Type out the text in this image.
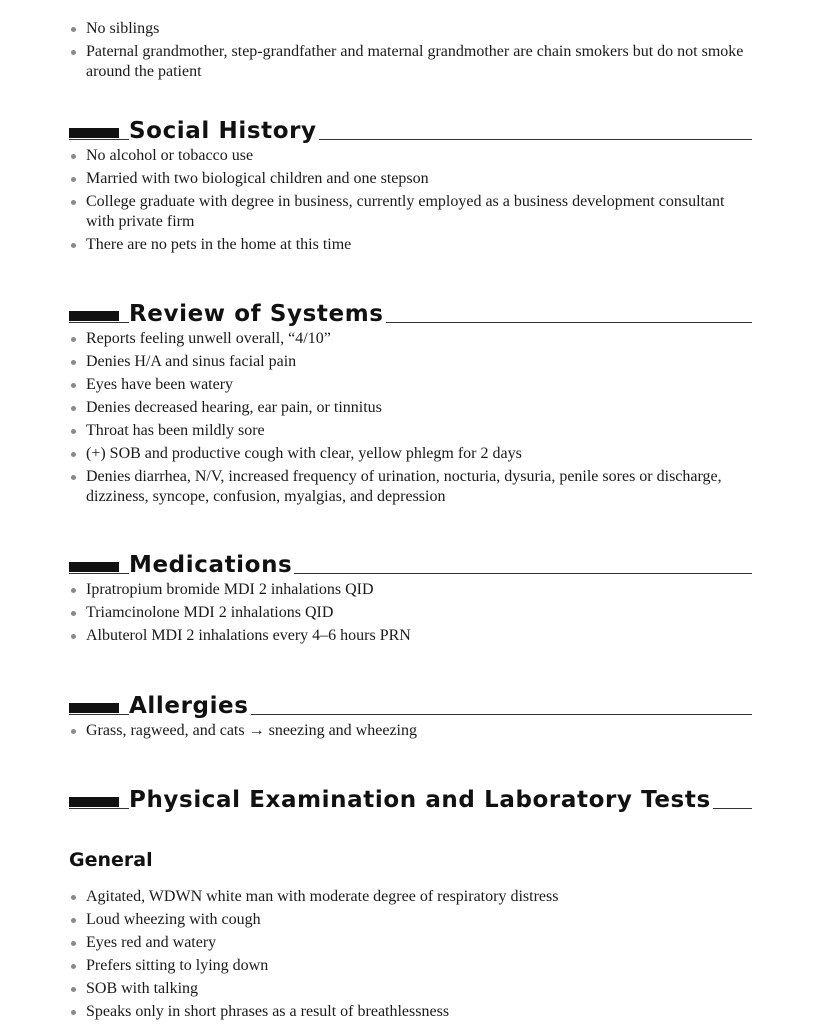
No siblings
Paternal grandmother, step-grandfather and maternal grandmother are chain smokers but do not smoke around the patient
Social History
No alcohol or tobacco use
Married with two biological children and one stepson
College graduate with degree in business, currently employed as a business development consultant with private firm
There are no pets in the home at this time
Review of Systems
Reports feeling unwell overall, “4/10”
Denies H/A and sinus facial pain
Eyes have been watery
Denies decreased hearing, ear pain, or tinnitus
Throat has been mildly sore
(+) SOB and productive cough with clear, yellow phlegm for 2 days
Denies diarrhea, N/V, increased frequency of urination, nocturia, dysuria, penile sores or discharge, dizziness, syncope, confusion, myalgias, and depression
Medications
Ipratropium bromide MDI 2 inhalations QID
Triamcinolone MDI 2 inhalations QID
Albuterol MDI 2 inhalations every 4–6 hours PRN
Allergies
Grass, ragweed, and cats → sneezing and wheezing
Physical Examination and Laboratory Tests
General
Agitated, WDWN white man with moderate degree of respiratory distress
Loud wheezing with cough
Eyes red and watery
Prefers sitting to lying down
SOB with talking
Speaks only in short phrases as a result of breathlessness
